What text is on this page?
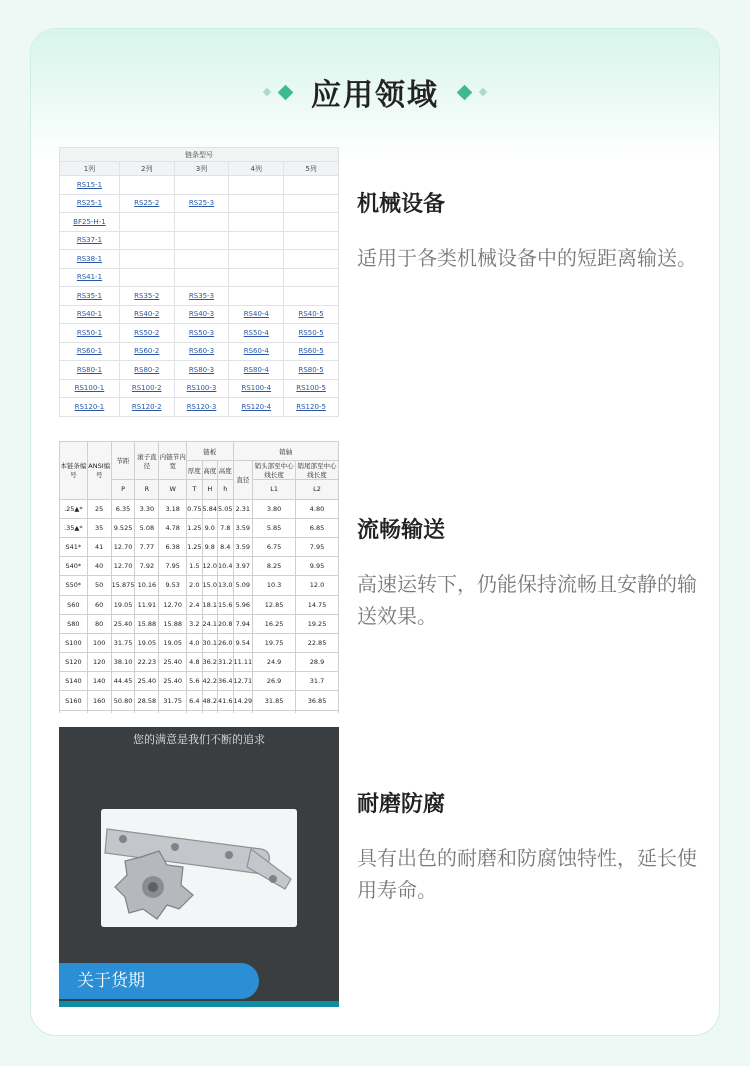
应用领域
链条型号				
1列	2列	3列	4列	5列
RS15-1				
RS25-1	RS25-2	RS25-3		
BF25-H-1				
RS37-1				
RS38-1				
RS41-1				
RS35-1	RS35-2	RS35-3		
RS40-1	RS40-2	RS40-3	RS40-4	RS40-5
RS50-1	RS50-2	RS50-3	RS50-4	RS50-5
RS60-1	RS60-2	RS60-3	RS60-4	RS60-5
RS80-1	RS80-2	RS80-3	RS80-4	RS80-5
RS100-1	RS100-2	RS100-3	RS100-4	RS100-5
RS120-1	RS120-2	RS120-3	RS120-4	RS120-5
机械设备
适用于各类机械设备中的短距离输送。
本链条编号	ANSI编号	节距	滚子直径	内链节内宽	链板			销轴		
					厚度	高度	高度	直径	销头部至中心线长度	销尾部至中心线长度
		P	R	W	T	H	h		L1	L2
.25▲*	25	6.35	3.30	3.18	0.75	5.84	5.05	2.31	3.80	4.80
.35▲*	35	9.525	5.08	4.78	1.25	9.0	7.8	3.59	5.85	6.85
S41*	41	12.70	7.77	6.38	1.25	9.8	8.4	3.59	6.75	7.95
S40*	40	12.70	7.92	7.95	1.5	12.0	10.4	3.97	8.25	9.95
S50*	50	15.875	10.16	9.53	2.0	15.0	13.0	5.09	10.3	12.0
S60	60	19.05	11.91	12.70	2.4	18.1	15.6	5.96	12.85	14.75
S80	80	25.40	15.88	15.88	3.2	24.1	20.8	7.94	16.25	19.25
S100	100	31.75	19.05	19.05	4.0	30.1	26.0	9.54	19.75	22.85
S120	120	38.10	22.23	25.40	4.8	36.2	31.2	11.11	24.9	28.9
S140	140	44.45	25.40	25.40	5.6	42.2	36.4	12.71	26.9	31.7
S160	160	50.80	28.58	31.75	6.4	48.2	41.6	14.29	31.85	36.85

流畅输送
高速运转下，仍能保持流畅且安静的输送效果。
您的满意是我们不断的追求
关于货期
耐磨防腐
具有出色的耐磨和防腐蚀特性，延长使用寿命。
